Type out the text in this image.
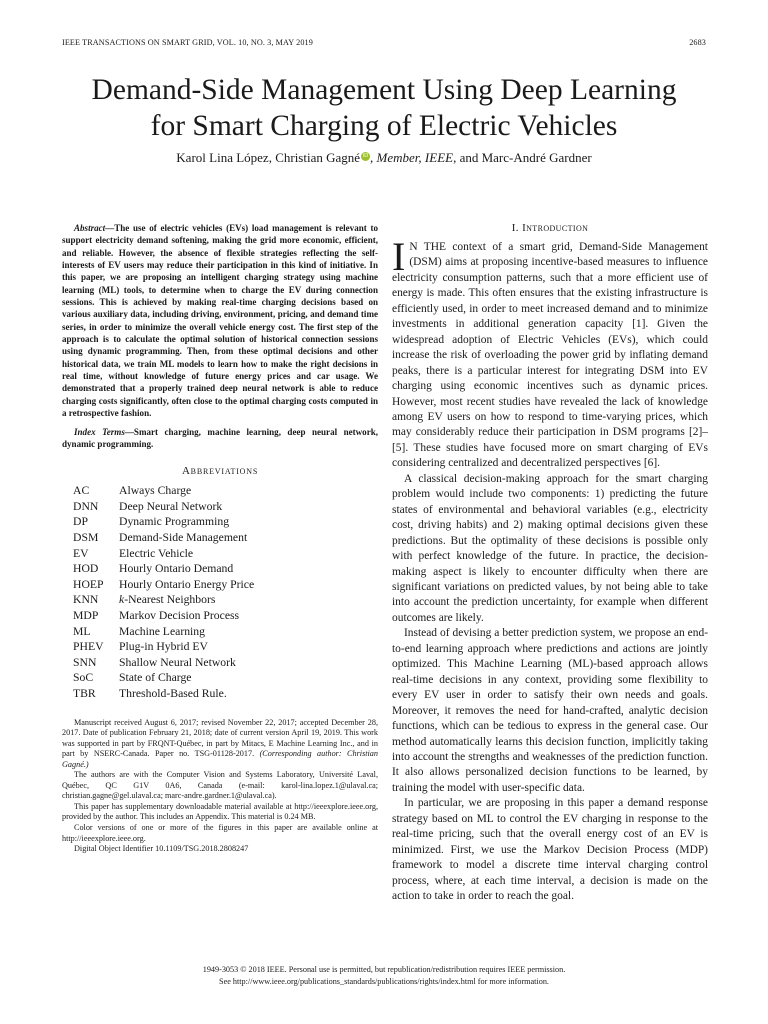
IEEE TRANSACTIONS ON SMART GRID, VOL. 10, NO. 3, MAY 2019	2683
Demand-Side Management Using Deep Learning
for Smart Charging of Electric Vehicles
Karol Lina López, Christian Gagné iD , Member, IEEE, and Marc-André Gardner

Abstract—The use of electric vehicles (EVs) load management is relevant to support electricity demand softening, making the grid more economic, efficient, and reliable. However, the absence of flexible strategies reflecting the self-interests of EV users may reduce their participation in this kind of initiative. In this paper, we are proposing an intelligent charging strategy using machine learning (ML) tools, to determine when to charge the EV during connection sessions. This is achieved by making real-time charging decisions based on various auxiliary data, including driving, environment, pricing, and demand time series, in order to minimize the overall vehicle energy cost. The first step of the approach is to calculate the optimal solution of historical connection sessions using dynamic programming. Then, from these optimal decisions and other historical data, we train ML models to learn how to make the right decisions in real time, without knowledge of future energy prices and car usage. We demonstrated that a properly trained deep neural network is able to reduce charging costs significantly, often close to the optimal charging costs computed in a retrospective fashion.

Index Terms—Smart charging, machine learning, deep neural network, dynamic programming.

Abbreviations
AC	Always Charge
DNN	Deep Neural Network
DP	Dynamic Programming
DSM	Demand-Side Management
EV	Electric Vehicle
HOD	Hourly Ontario Demand
HOEP	Hourly Ontario Energy Price
KNN	k-Nearest Neighbors
MDP	Markov Decision Process
ML	Machine Learning
PHEV	Plug-in Hybrid EV
SNN	Shallow Neural Network
SoC	State of Charge
TBR	Threshold-Based Rule.

Manuscript received August 6, 2017; revised November 22, 2017; accepted December 28, 2017. Date of publication February 21, 2018; date of current version April 19, 2019. This work was supported in part by FRQNT-Québec, in part by Mitacs, E Machine Learning Inc., and in part by NSERC-Canada. Paper no. TSG-01128-2017. (Corresponding author: Christian Gagné.)

The authors are with the Computer Vision and Systems Laboratory, Université Laval, Québec, QC G1V 0A6, Canada (e-mail: karol-lina.lopez.1@ulaval.ca; christian.gagne@gel.ulaval.ca; marc-andre.gardner.1@ulaval.ca).

This paper has supplementary downloadable material available at http://ieeexplore.ieee.org, provided by the author. This includes an Appendix. This material is 0.24 MB.

Color versions of one or more of the figures in this paper are available online at http://ieeexplore.ieee.org.

Digital Object Identifier 10.1109/TSG.2018.2808247

I. Introduction

I N THE context of a smart grid, Demand-Side Management (DSM) aims at proposing incentive-based measures to influence electricity consumption patterns, such that a more efficient use of energy is made. This often ensures that the existing infrastructure is efficiently used, in order to meet increased demand and to minimize investments in additional generation capacity [1]. Given the widespread adoption of Electric Vehicles (EVs), which could increase the risk of overloading the power grid by inflating demand peaks, there is a particular interest for integrating DSM into EV charging using economic incentives such as dynamic prices. However, most recent studies have revealed the lack of knowledge among EV users on how to respond to time-varying prices, which may considerably reduce their participation in DSM programs [2]–[5]. These studies have focused more on smart charging of EVs considering centralized and decentralized perspectives [6].

A classical decision-making approach for the smart charging problem would include two components: 1) predicting the future states of environmental and behavioral variables (e.g., electricity cost, driving habits) and 2) making optimal decisions given these predictions. But the optimality of these decisions is possible only with perfect knowledge of the future. In practice, the decision-making aspect is likely to encounter difficulty when there are significant variations on predicted values, by not being able to take into account the prediction uncertainty, for example when different outcomes are likely.

Instead of devising a better prediction system, we propose an end-to-end learning approach where predictions and actions are jointly optimized. This Machine Learning (ML)-based approach allows real-time decisions in any context, providing some flexibility to every EV user in order to satisfy their own needs and goals. Moreover, it removes the need for hand-crafted, analytic decision functions, which can be tedious to express in the general case. Our method automatically learns this decision function, implicitly taking into account the strengths and weaknesses of the prediction function. It also allows personalized decision functions to be learned, by training the model with user-specific data.

In particular, we are proposing in this paper a demand response strategy based on ML to control the EV charging in response to the real-time pricing, such that the overall energy cost of an EV is minimized. First, we use the Markov Decision Process (MDP) framework to model a discrete time interval charging control process, where, at each time interval, a decision is made on the action to take in order to reach the goal.

1949-3053 © 2018 IEEE. Personal use is permitted, but republication/redistribution requires IEEE permission.
See http://www.ieee.org/publications_standards/publications/rights/index.html for more information.
